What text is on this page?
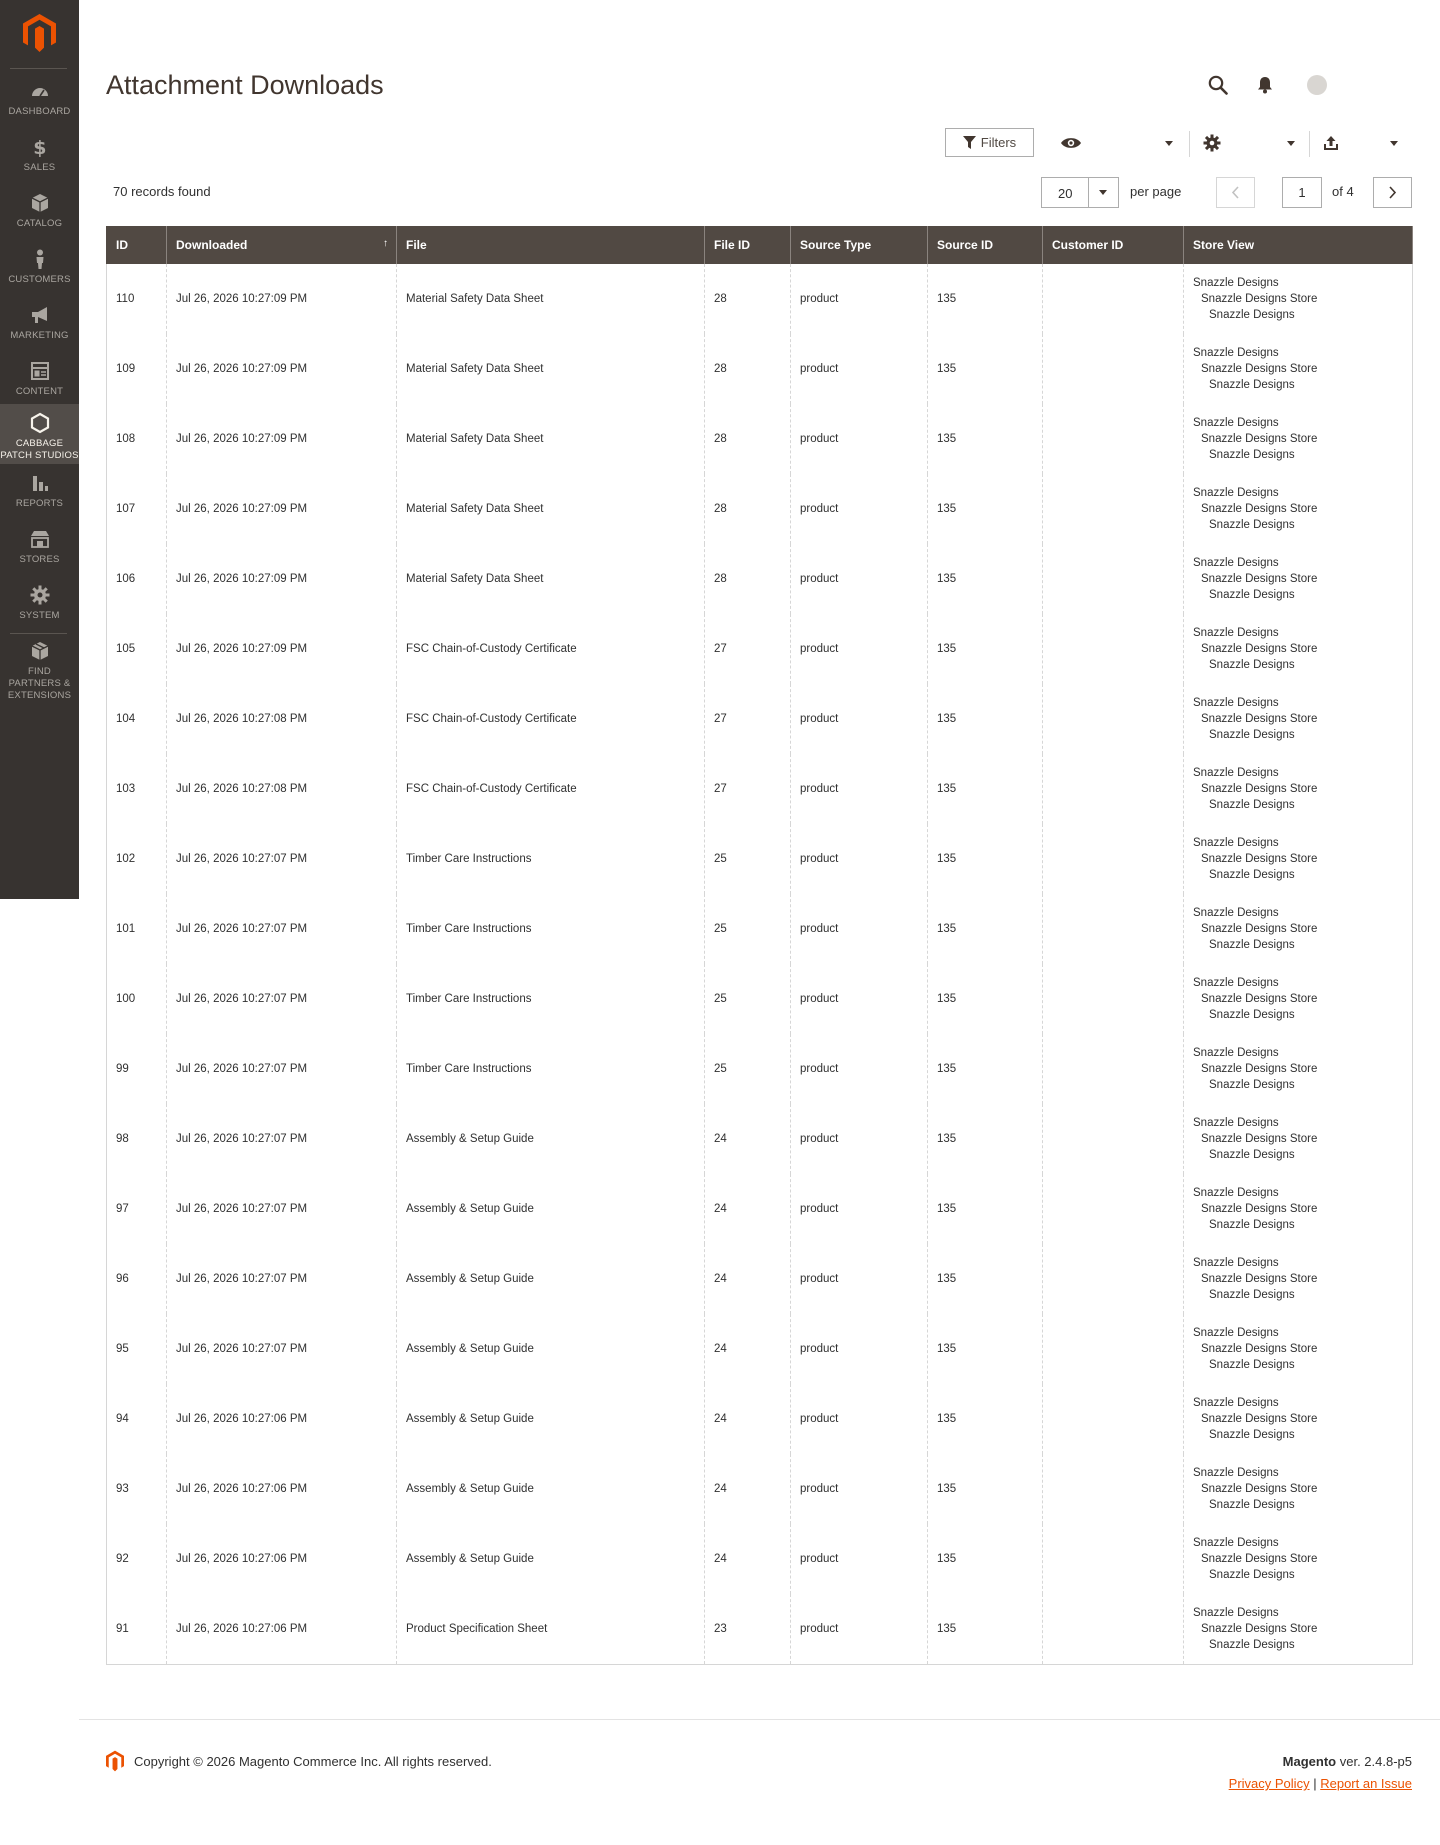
DASHBOARD
$
SALES
CATALOG
CUSTOMERS
MARKETING
CONTENT
CABBAGE
PATCH STUDIOS
REPORTS
STORES
SYSTEM
FIND
PARTNERS &
EXTENSIONS
Attachment Downloads
Filters
70 records found	20	per page	1	of 4
ID	Downloaded ↑	File	File ID	Source Type	Source ID	Customer ID	Store View
110	Jul 26, 2026 10:27:09 PM	Material Safety Data Sheet	28	product	135		Snazzle Designs
Snazzle Designs Store
Snazzle Designs

109	Jul 26, 2026 10:27:09 PM	Material Safety Data Sheet	28	product	135		Snazzle Designs
Snazzle Designs Store
Snazzle Designs

108	Jul 26, 2026 10:27:09 PM	Material Safety Data Sheet	28	product	135		Snazzle Designs
Snazzle Designs Store
Snazzle Designs

107	Jul 26, 2026 10:27:09 PM	Material Safety Data Sheet	28	product	135		Snazzle Designs
Snazzle Designs Store
Snazzle Designs

106	Jul 26, 2026 10:27:09 PM	Material Safety Data Sheet	28	product	135		Snazzle Designs
Snazzle Designs Store
Snazzle Designs

105	Jul 26, 2026 10:27:09 PM	FSC Chain-of-Custody Certificate	27	product	135		Snazzle Designs
Snazzle Designs Store
Snazzle Designs

104	Jul 26, 2026 10:27:08 PM	FSC Chain-of-Custody Certificate	27	product	135		Snazzle Designs
Snazzle Designs Store
Snazzle Designs

103	Jul 26, 2026 10:27:08 PM	FSC Chain-of-Custody Certificate	27	product	135		Snazzle Designs
Snazzle Designs Store
Snazzle Designs

102	Jul 26, 2026 10:27:07 PM	Timber Care Instructions	25	product	135		Snazzle Designs
Snazzle Designs Store
Snazzle Designs

101	Jul 26, 2026 10:27:07 PM	Timber Care Instructions	25	product	135		Snazzle Designs
Snazzle Designs Store
Snazzle Designs

100	Jul 26, 2026 10:27:07 PM	Timber Care Instructions	25	product	135		Snazzle Designs
Snazzle Designs Store
Snazzle Designs

99	Jul 26, 2026 10:27:07 PM	Timber Care Instructions	25	product	135		Snazzle Designs
Snazzle Designs Store
Snazzle Designs

98	Jul 26, 2026 10:27:07 PM	Assembly & Setup Guide	24	product	135		Snazzle Designs
Snazzle Designs Store
Snazzle Designs

97	Jul 26, 2026 10:27:07 PM	Assembly & Setup Guide	24	product	135		Snazzle Designs
Snazzle Designs Store
Snazzle Designs

96	Jul 26, 2026 10:27:07 PM	Assembly & Setup Guide	24	product	135		Snazzle Designs
Snazzle Designs Store
Snazzle Designs

95	Jul 26, 2026 10:27:07 PM	Assembly & Setup Guide	24	product	135		Snazzle Designs
Snazzle Designs Store
Snazzle Designs

94	Jul 26, 2026 10:27:06 PM	Assembly & Setup Guide	24	product	135		Snazzle Designs
Snazzle Designs Store
Snazzle Designs

93	Jul 26, 2026 10:27:06 PM	Assembly & Setup Guide	24	product	135		Snazzle Designs
Snazzle Designs Store
Snazzle Designs

92	Jul 26, 2026 10:27:06 PM	Assembly & Setup Guide	24	product	135		Snazzle Designs
Snazzle Designs Store
Snazzle Designs

91	Jul 26, 2026 10:27:06 PM	Product Specification Sheet	23	product	135		Snazzle Designs
Snazzle Designs Store
Snazzle Designs
Copyright © 2026 Magento Commerce Inc. All rights reserved.	Magento ver. 2.4.8-p5
Privacy Policy | Report an Issue
